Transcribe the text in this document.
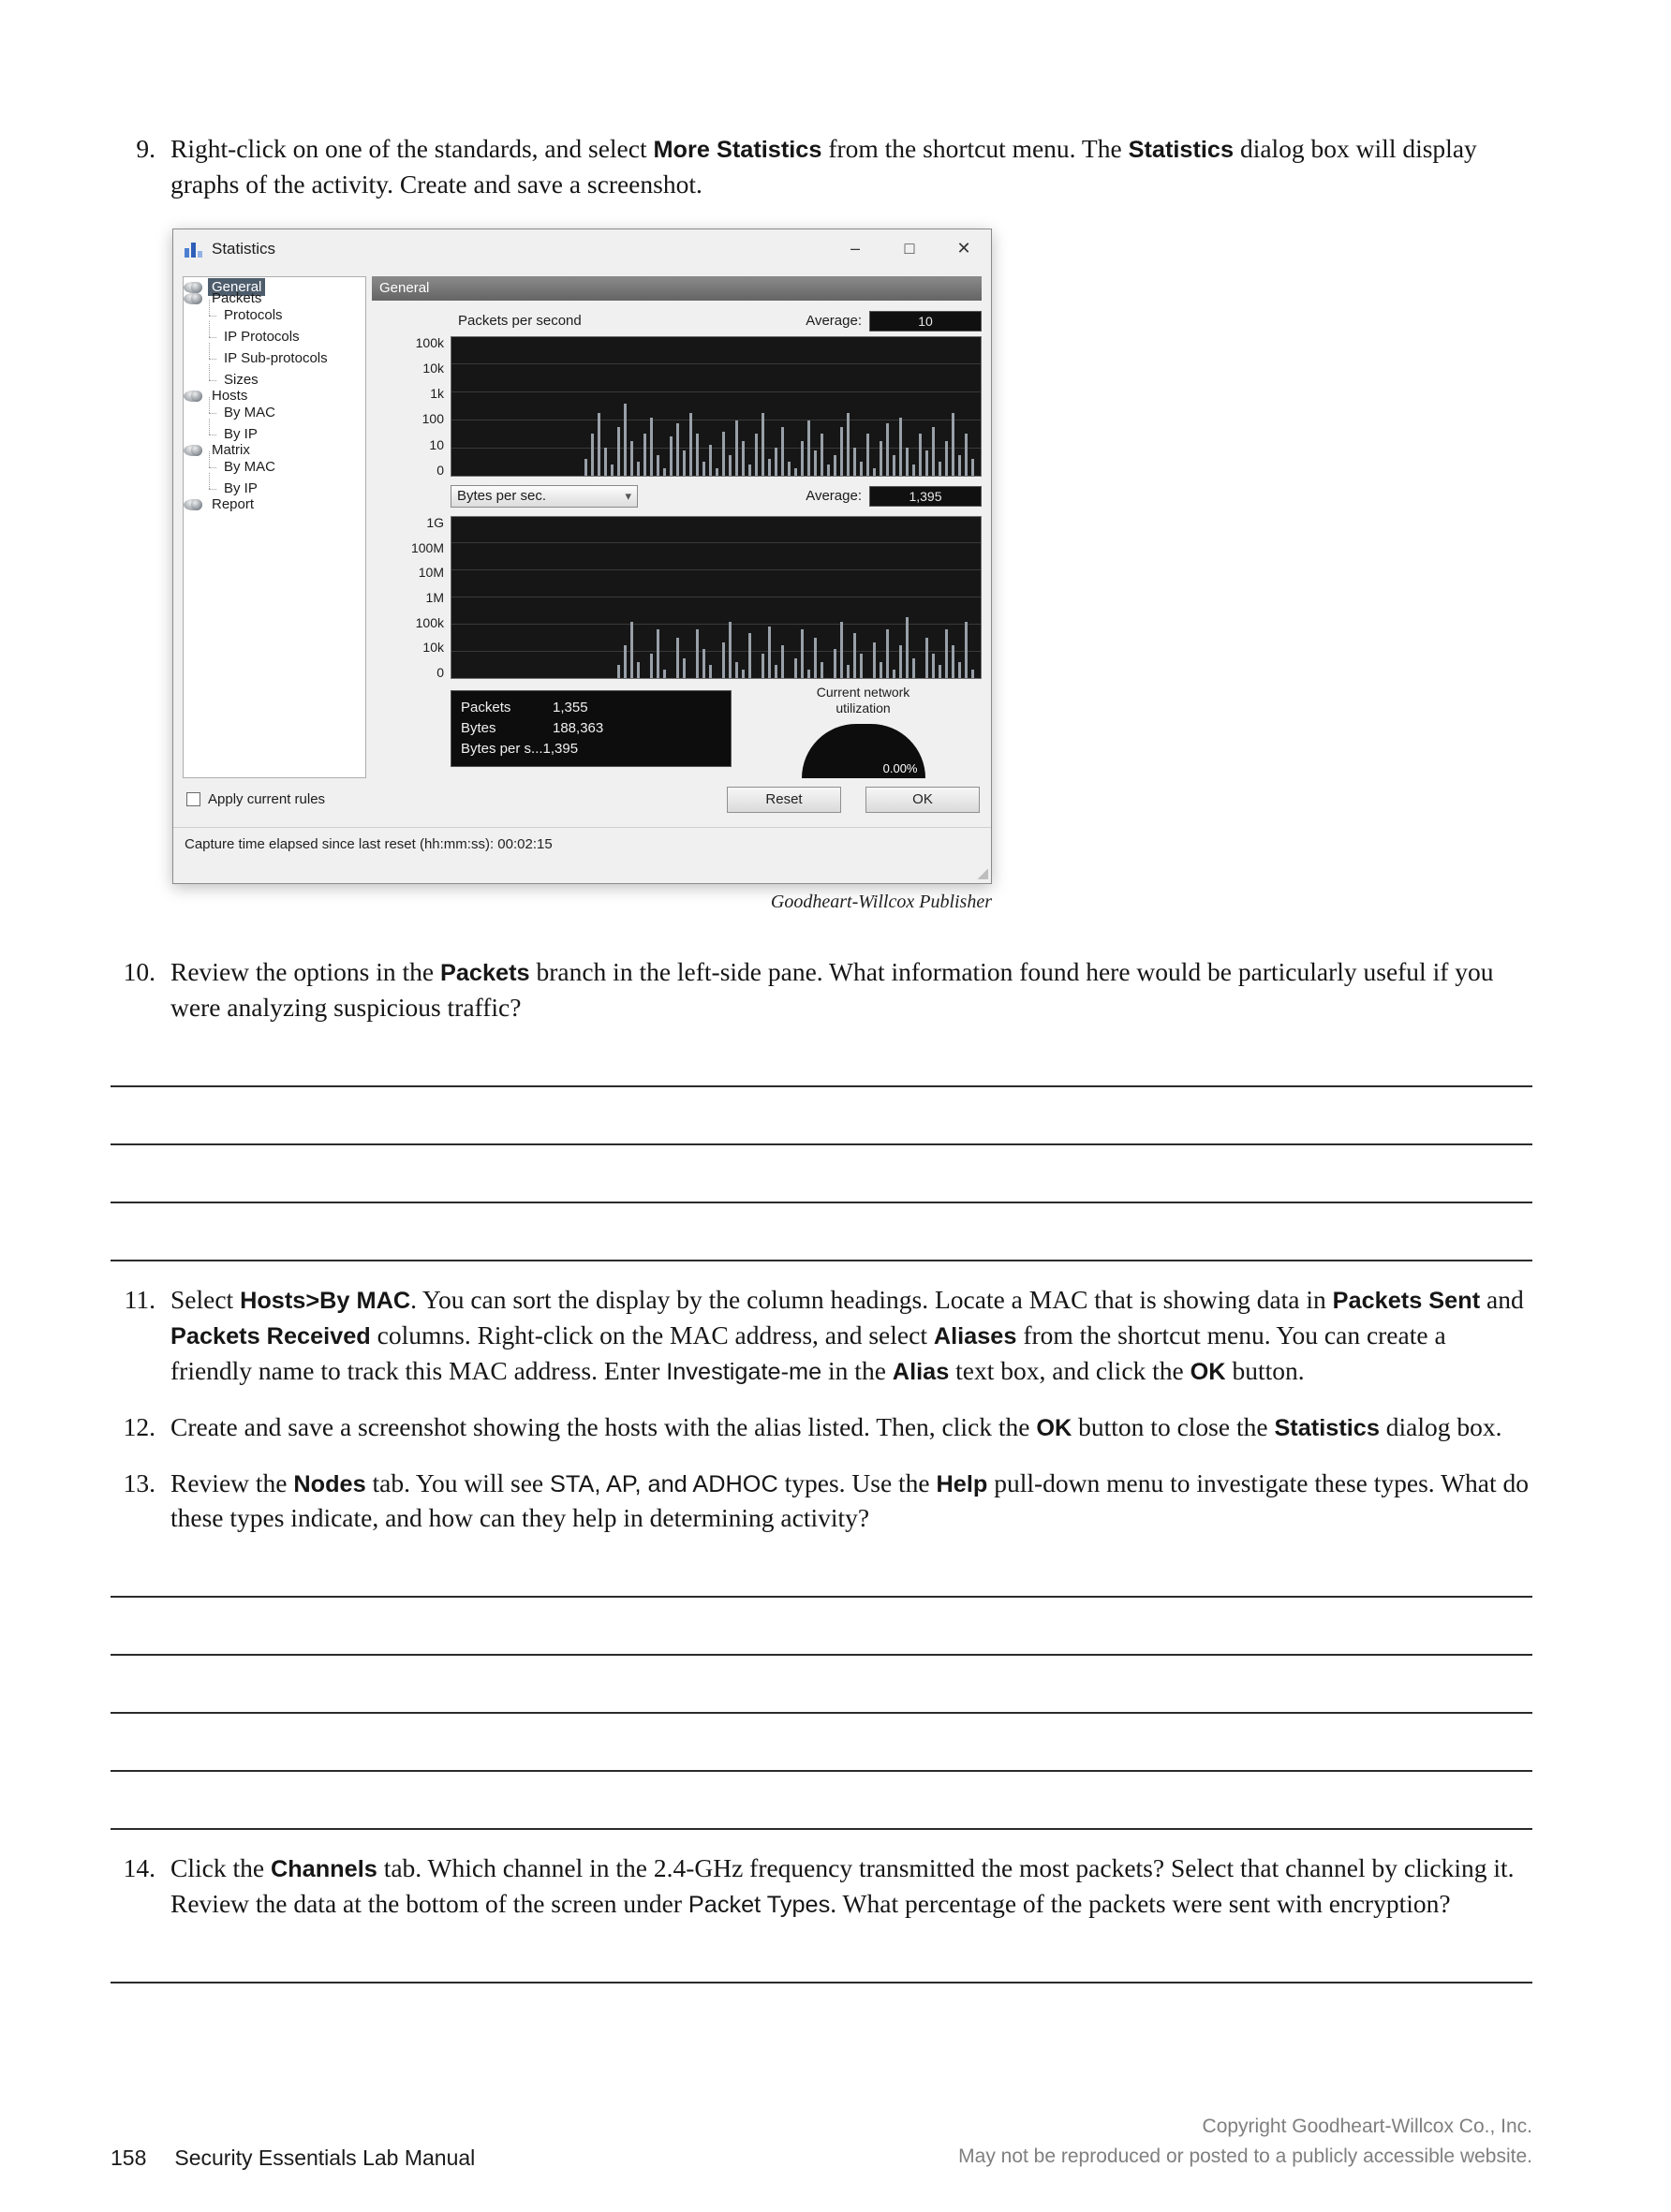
9. Right-click on one of the standards, and select More Statistics from the shortcut menu. The Statistics dialog box will display graphs of the activity. Create and save a screenshot.
Statistics	–	□	✕
General
Packets
Protocols
IP Protocols
IP Sub-protocols
Sizes
Hosts
By MAC
By IP
Matrix
By MAC
By IP
Report
General
Packets per second	Average:	10
100k
10k
1k
100
10
0
Bytes per sec.	▾	Average:	1,395
1G
100M
10M
1M
100k
10k
0
Packets	1,355
Bytes	188,363
Bytes per s... 1,395
Current network
utilization
0.00%
Apply current rules	Reset	OK
Capture time elapsed since last reset (hh:mm:ss): 00:02:15
◢
Goodheart-Willcox Publisher
10. Review the options in the Packets branch in the left-side pane. What information found here would be particularly useful if you were analyzing suspicious traffic?
11. Select Hosts>By MAC. You can sort the display by the column headings. Locate a MAC that is showing data in Packets Sent and Packets Received columns. Right-click on the MAC address, and select Aliases from the shortcut menu. You can create a friendly name to track this MAC address. Enter Investigate-me in the Alias text box, and click the OK button.
12. Create and save a screenshot showing the hosts with the alias listed. Then, click the OK button to close the Statistics dialog box.
13. Review the Nodes tab. You will see STA, AP, and ADHOC types. Use the Help pull-down menu to investigate these types. What do these types indicate, and how can they help in determining activity?
14. Click the Channels tab. Which channel in the 2.4-GHz frequency transmitted the most packets? Select that channel by clicking it. Review the data at the bottom of the screen under Packet Types. What percentage of the packets were sent with encryption?
158 Security Essentials Lab Manual
Copyright Goodheart-Willcox Co., Inc.
May not be reproduced or posted to a publicly accessible website.
